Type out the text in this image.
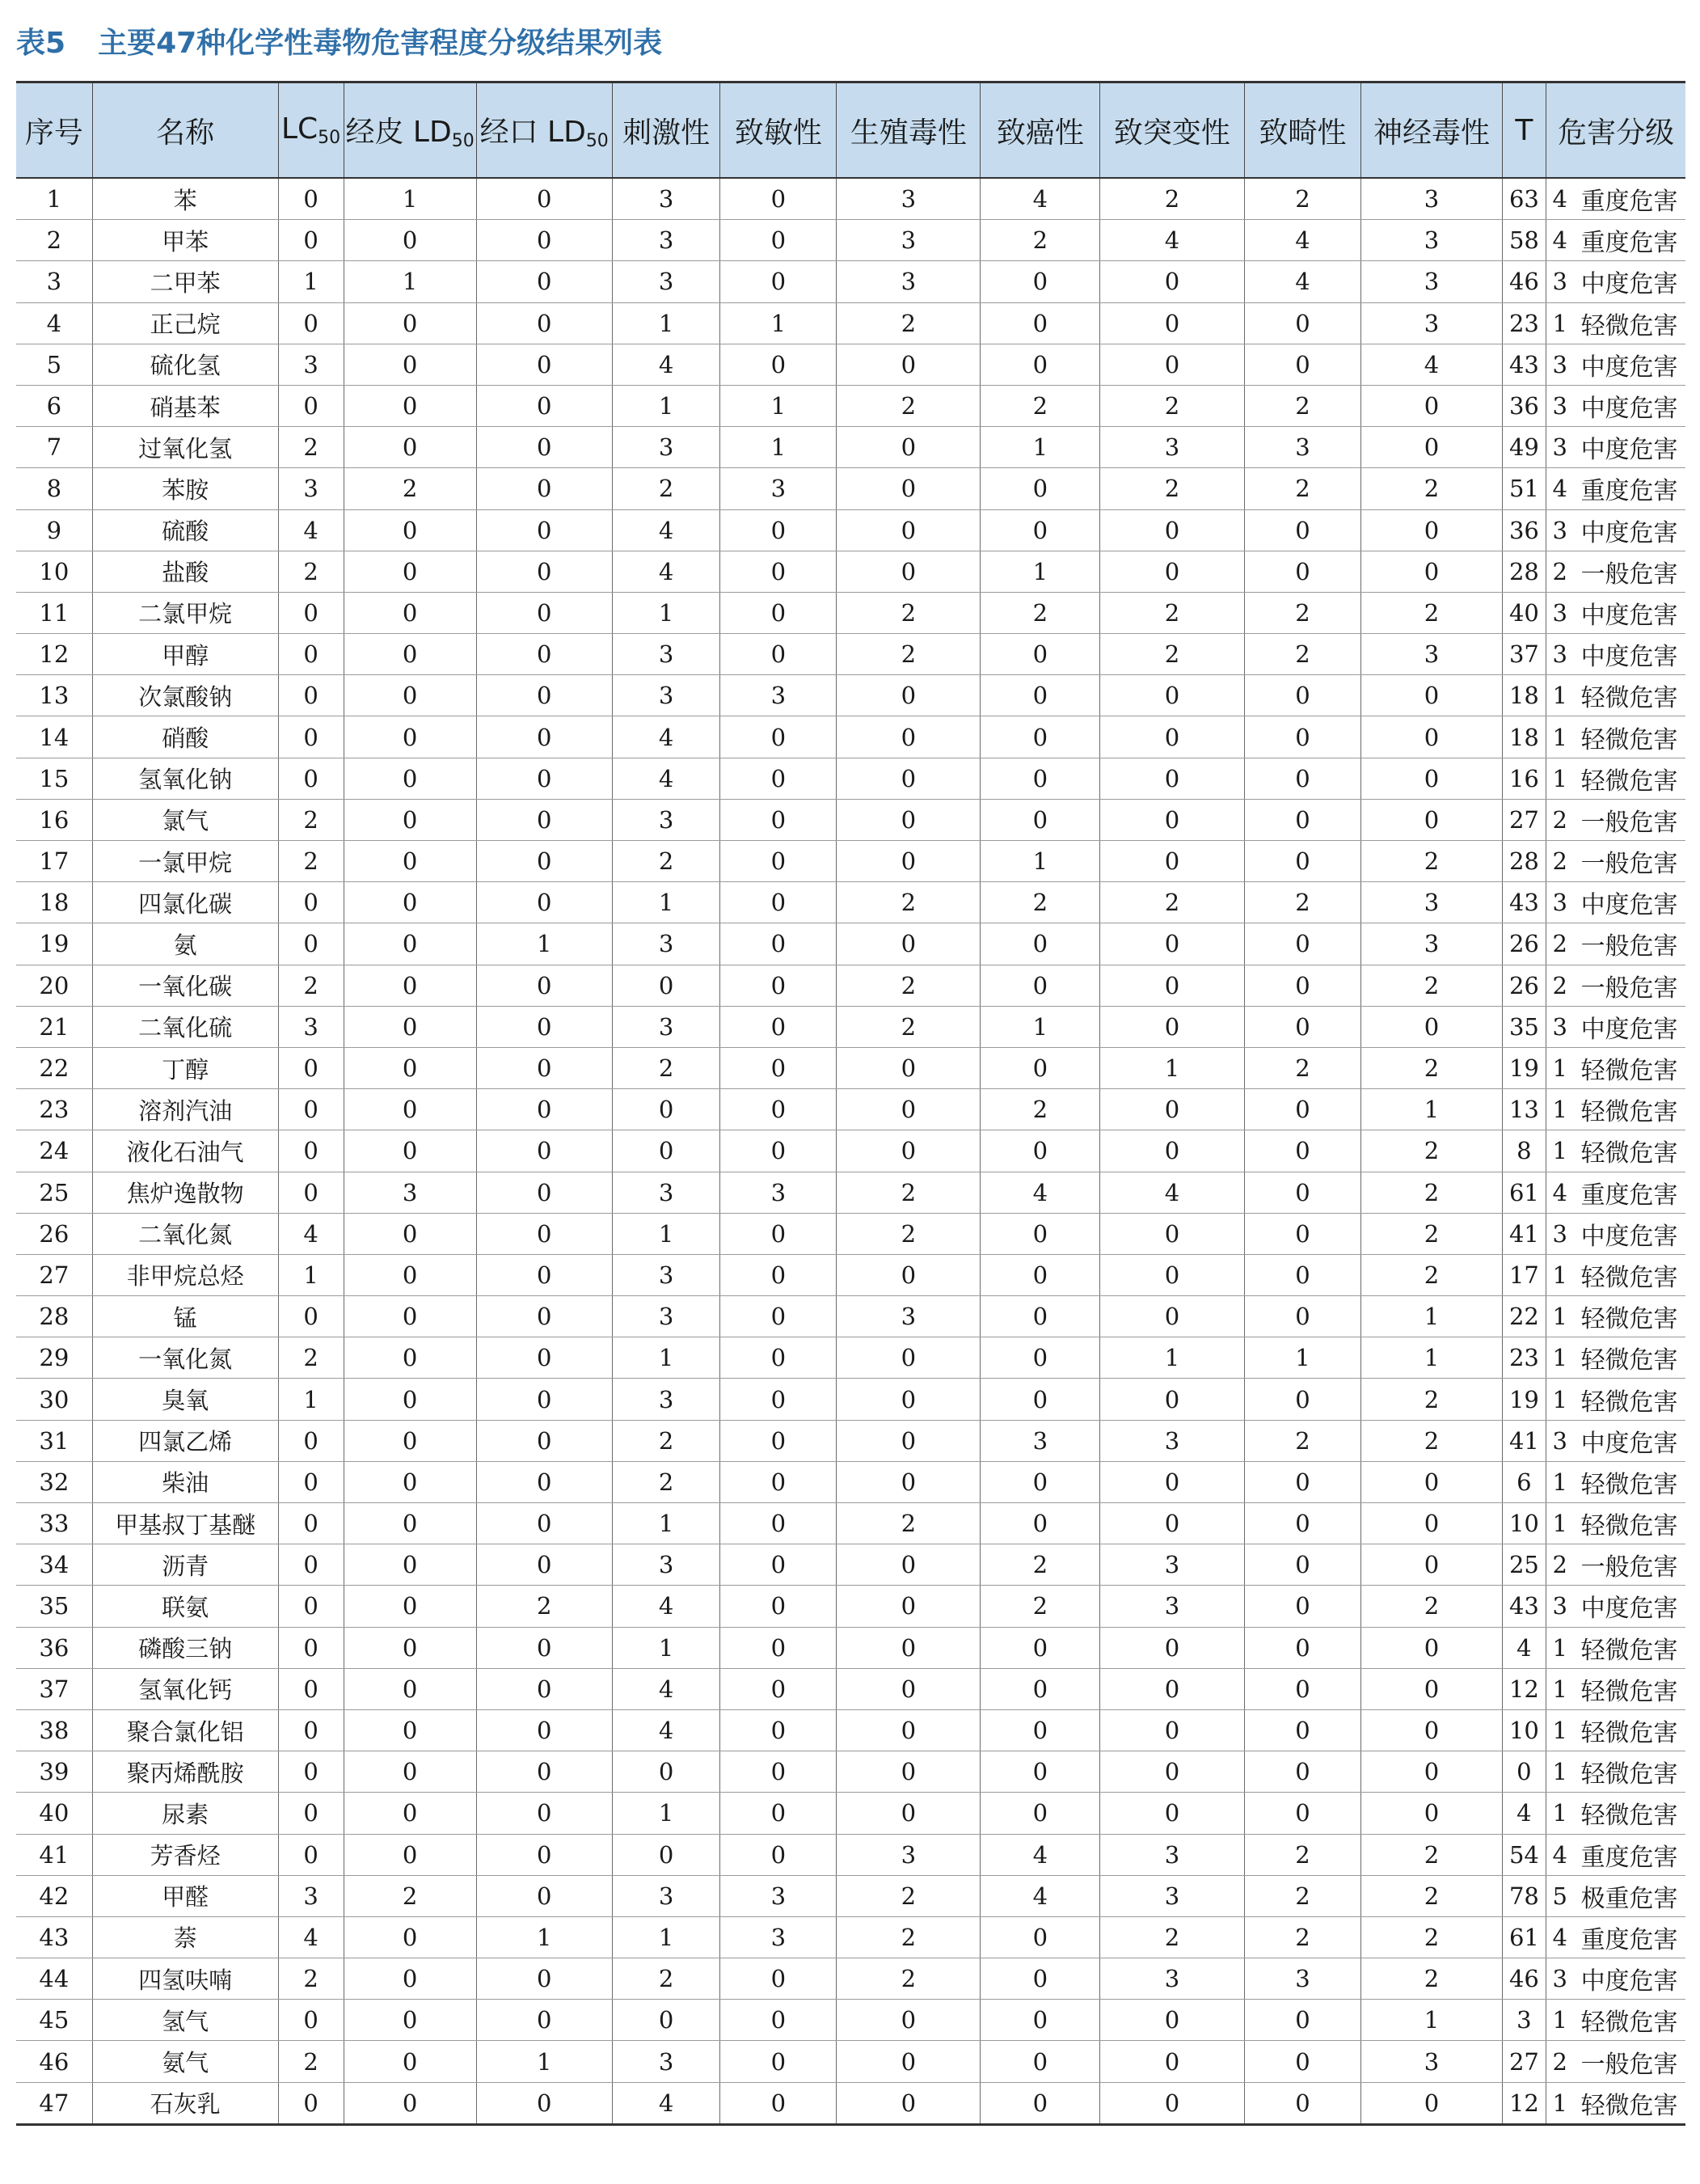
表5 主要47种化学性毒物危害程度分级结果列表
序号	名称	$LC_{50}$	经皮 $LD_{50}$	经口 $LD_{50}$	刺激性	致敏性	生殖毒性	致癌性	致突变性	致畸性	神经毒性	T	危害分级	
1	苯	0	1	0	3	0	3	4	2	2	3	63	4	重度危害
2	甲苯	0	0	0	3	0	3	2	4	4	3	58	4	重度危害
3	二甲苯	1	1	0	3	0	3	0	0	4	3	46	3	中度危害
4	正己烷	0	0	0	1	1	2	0	0	0	3	23	1	轻微危害
5	硫化氢	3	0	0	4	0	0	0	0	0	4	43	3	中度危害
6	硝基苯	0	0	0	1	1	2	2	2	2	0	36	3	中度危害
7	过氧化氢	2	0	0	3	1	0	1	3	3	0	49	3	中度危害
8	苯胺	3	2	0	2	3	0	0	2	2	2	51	4	重度危害
9	硫酸	4	0	0	4	0	0	0	0	0	0	36	3	中度危害
10	盐酸	2	0	0	4	0	0	1	0	0	0	28	2	一般危害
11	二氯甲烷	0	0	0	1	0	2	2	2	2	2	40	3	中度危害
12	甲醇	0	0	0	3	0	2	0	2	2	3	37	3	中度危害
13	次氯酸钠	0	0	0	3	3	0	0	0	0	0	18	1	轻微危害
14	硝酸	0	0	0	4	0	0	0	0	0	0	18	1	轻微危害
15	氢氧化钠	0	0	0	4	0	0	0	0	0	0	16	1	轻微危害
16	氯气	2	0	0	3	0	0	0	0	0	0	27	2	一般危害
17	一氯甲烷	2	0	0	2	0	0	1	0	0	2	28	2	一般危害
18	四氯化碳	0	0	0	1	0	2	2	2	2	3	43	3	中度危害
19	氨	0	0	1	3	0	0	0	0	0	3	26	2	一般危害
20	一氧化碳	2	0	0	0	0	2	0	0	0	2	26	2	一般危害
21	二氧化硫	3	0	0	3	0	2	1	0	0	0	35	3	中度危害
22	丁醇	0	0	0	2	0	0	0	1	2	2	19	1	轻微危害
23	溶剂汽油	0	0	0	0	0	0	2	0	0	1	13	1	轻微危害
24	液化石油气	0	0	0	0	0	0	0	0	0	2	8	1	轻微危害
25	焦炉逸散物	0	3	0	3	3	2	4	4	0	2	61	4	重度危害
26	二氧化氮	4	0	0	1	0	2	0	0	0	2	41	3	中度危害
27	非甲烷总烃	1	0	0	3	0	0	0	0	0	2	17	1	轻微危害
28	锰	0	0	0	3	0	3	0	0	0	1	22	1	轻微危害
29	一氧化氮	2	0	0	1	0	0	0	1	1	1	23	1	轻微危害
30	臭氧	1	0	0	3	0	0	0	0	0	2	19	1	轻微危害
31	四氯乙烯	0	0	0	2	0	0	3	3	2	2	41	3	中度危害
32	柴油	0	0	0	2	0	0	0	0	0	0	6	1	轻微危害
33	甲基叔丁基醚	0	0	0	1	0	2	0	0	0	0	10	1	轻微危害
34	沥青	0	0	0	3	0	0	2	3	0	0	25	2	一般危害
35	联氨	0	0	2	4	0	0	2	3	0	2	43	3	中度危害
36	磷酸三钠	0	0	0	1	0	0	0	0	0	0	4	1	轻微危害
37	氢氧化钙	0	0	0	4	0	0	0	0	0	0	12	1	轻微危害
38	聚合氯化铝	0	0	0	4	0	0	0	0	0	0	10	1	轻微危害
39	聚丙烯酰胺	0	0	0	0	0	0	0	0	0	0	0	1	轻微危害
40	尿素	0	0	0	1	0	0	0	0	0	0	4	1	轻微危害
41	芳香烃	0	0	0	0	0	3	4	3	2	2	54	4	重度危害
42	甲醛	3	2	0	3	3	2	4	3	2	2	78	5	极重危害
43	萘	4	0	1	1	3	2	0	2	2	2	61	4	重度危害
44	四氢呋喃	2	0	0	2	0	2	0	3	3	2	46	3	中度危害
45	氢气	0	0	0	0	0	0	0	0	0	1	3	1	轻微危害
46	氨气	2	0	1	3	0	0	0	0	0	3	27	2	一般危害
47	石灰乳	0	0	0	4	0	0	0	0	0	0	12	1	轻微危害
